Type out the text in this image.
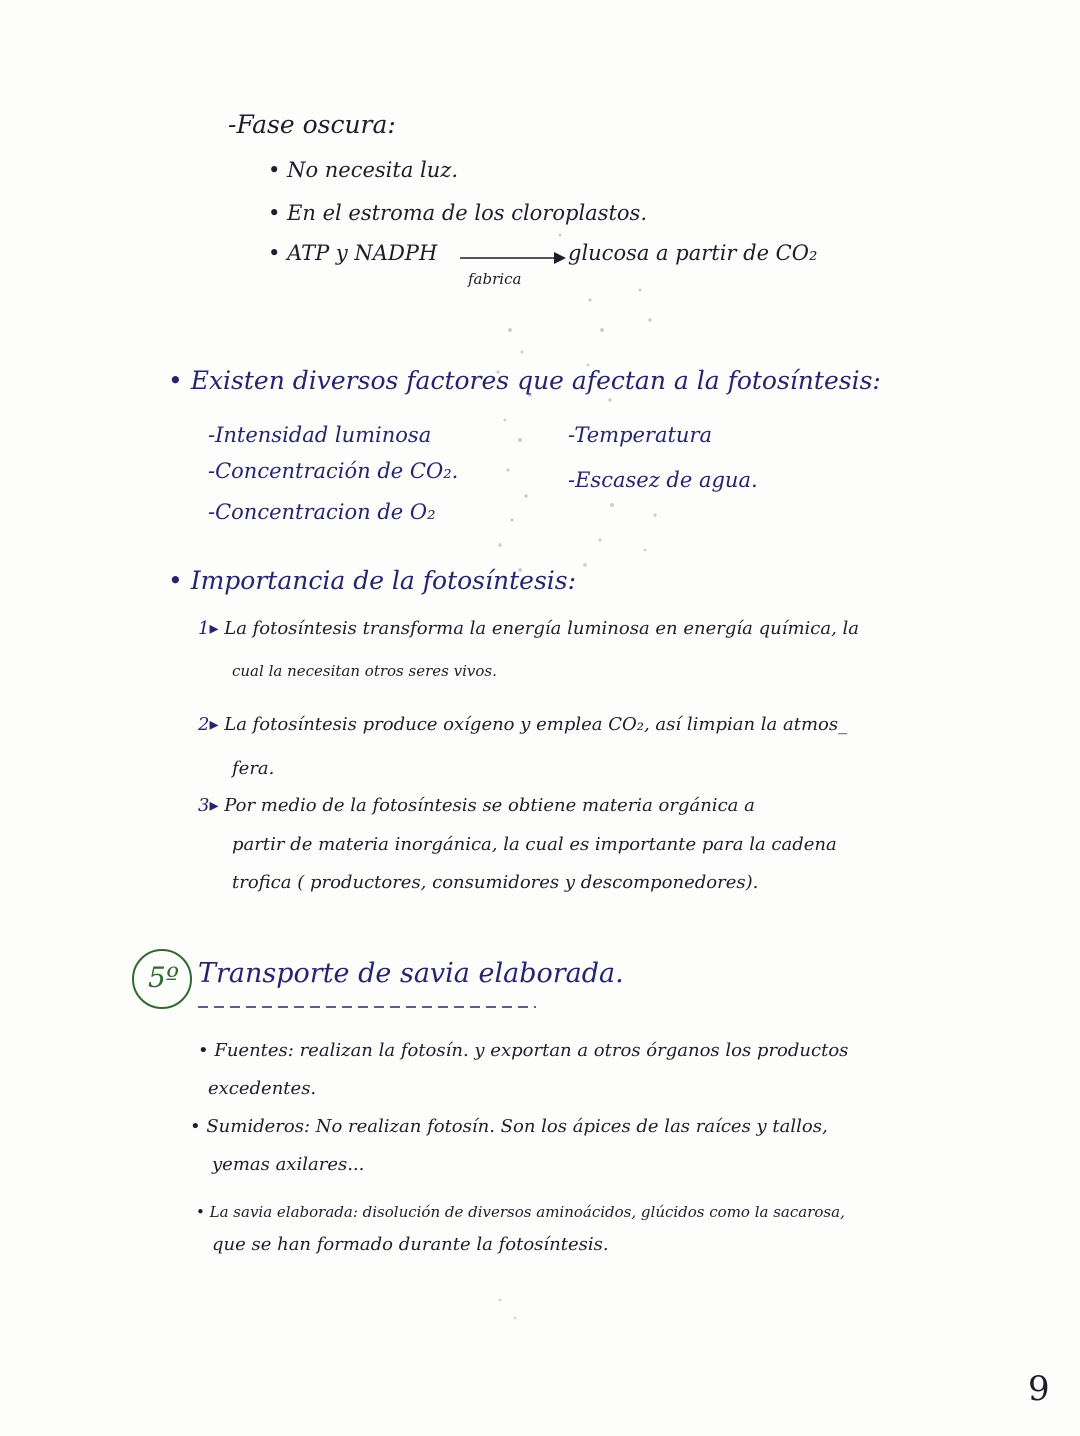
-Fase oscura:
• No necesita luz.
• En el estroma de los cloroplastos.
• ATP y NADPH
fabrica
glucosa a partir de CO₂
• Existen diversos factores que afectan a la fotosíntesis:
-Intensidad luminosa
-Concentración de CO₂.
-Concentracion de O₂
-Temperatura
-Escasez de agua.
• Importancia de la fotosíntesis:
1▸ La fotosíntesis transforma la energía luminosa en energía química, la
cual la necesitan otros seres vivos.
2▸ La fotosíntesis produce oxígeno y emplea CO₂, así limpian la atmos_
fera.
3▸ Por medio de la fotosíntesis se obtiene materia orgánica a
partir de materia inorgánica, la cual es importante para la cadena
trofica ( productores, consumidores y descomponedores).
5º Transporte de savia elaborada.
• Fuentes: realizan la fotosín. y exportan a otros órganos los productos
excedentes.
• Sumideros: No realizan fotosín. Son los ápices de las raíces y tallos,
yemas axilares...
• La savia elaborada: disolución de diversos aminoácidos, glúcidos como la sacarosa,
que se han formado durante la fotosíntesis.
9
